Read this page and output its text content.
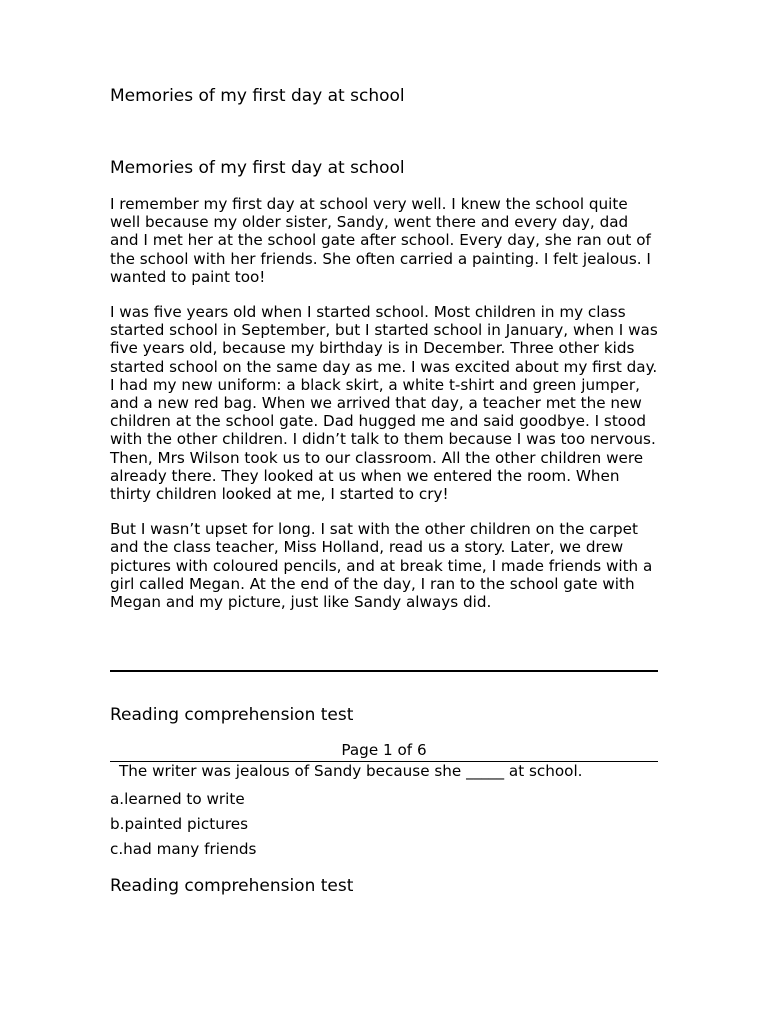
Memories of my first day at school
Memories of my first day at school

I remember my first day at school very well. I knew the school quite well because my older sister, Sandy, went there and every day, dad and I met her at the school gate after school. Every day, she ran out of the school with her friends. She often carried a painting. I felt jealous. I wanted to paint too!

I was five years old when I started school. Most children in my class started school in September, but I started school in January, when I was five years old, because my birthday is in December. Three other kids started school on the same day as me. I was excited about my first day. I had my new uniform: a black skirt, a white t-shirt and green jumper, and a new red bag. When we arrived that day, a teacher met the new children at the school gate. Dad hugged me and said goodbye. I stood with the other children. I didn’t talk to them because I was too nervous. Then, Mrs Wilson took us to our classroom. All the other children were already there. They looked at us when we entered the room. When thirty children looked at me, I started to cry!

But I wasn’t upset for long. I sat with the other children on the carpet and the class teacher, Miss Holland, read us a story. Later, we drew pictures with coloured pencils, and at break time, I made friends with a girl called Megan. At the end of the day, I ran to the school gate with Megan and my picture, just like Sandy always did.

Reading comprehension test
Page 1 of 6
The writer was jealous of Sandy because she _____ at school.
a.learned to write
b.painted pictures
c.had many friends
Reading comprehension test
